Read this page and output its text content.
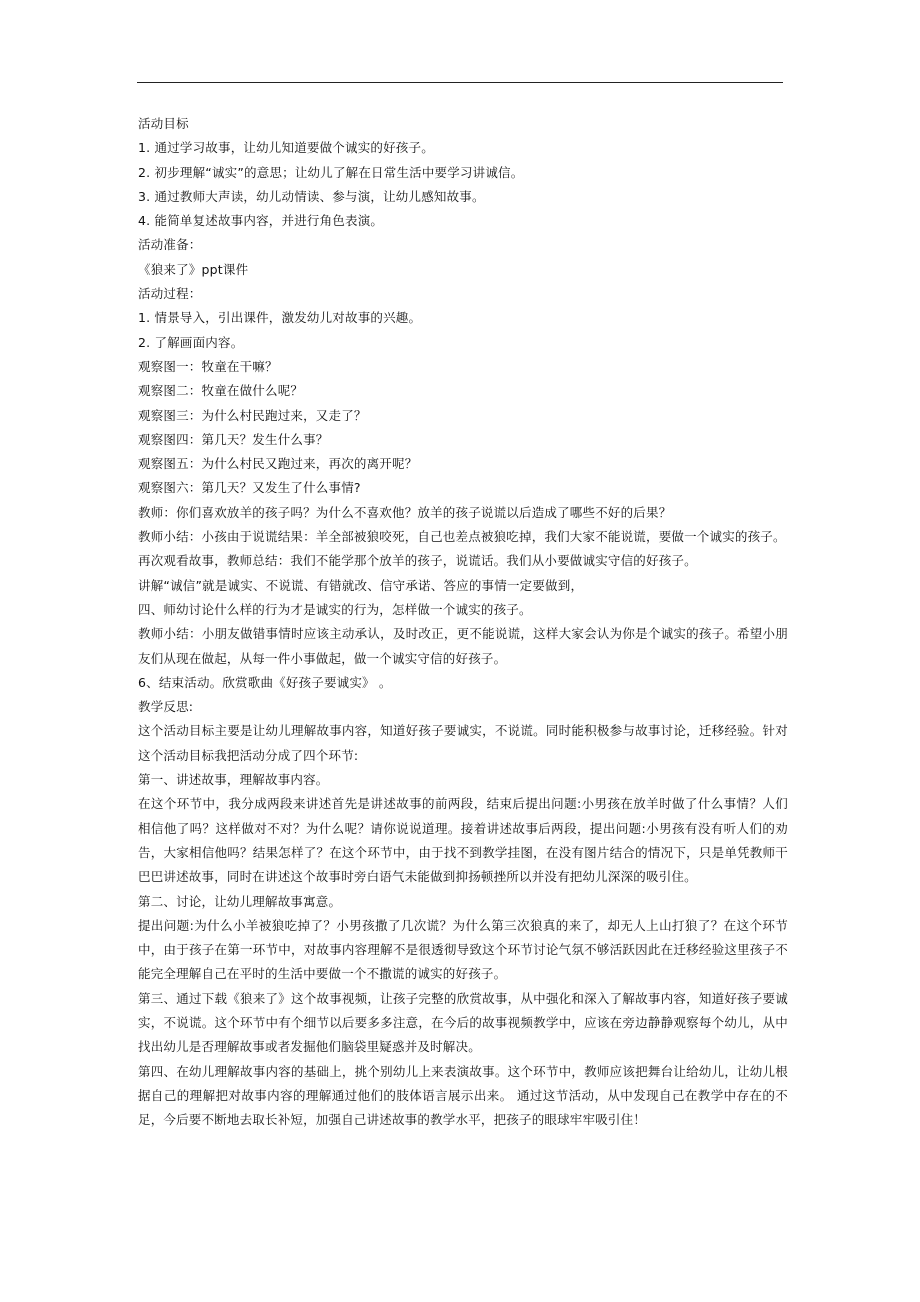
活动目标

1. 通过学习故事，让幼儿知道要做个诚实的好孩子。

2. 初步理解“诚实”的意思；让幼儿了解在日常生活中要学习讲诚信。

3. 通过教师大声读，幼儿动情读、参与演，让幼儿感知故事。

4. 能简单复述故事内容，并进行角色表演。

活动准备：

《狼来了》ppt课件

活动过程：

1. 情景导入，引出课件，激发幼儿对故事的兴趣。

2. 了解画面内容。

观察图一：牧童在干嘛？

观察图二：牧童在做什么呢？

观察图三：为什么村民跑过来，又走了？

观察图四：第几天？发生什么事？

观察图五：为什么村民又跑过来，再次的离开呢？

观察图六：第几天？又发生了什么事情?

教师：你们喜欢放羊的孩子吗？为什么不喜欢他？放羊的孩子说谎以后造成了哪些不好的后果？

教师小结：小孩由于说谎结果：羊全部被狼咬死，自己也差点被狼吃掉，我们大家不能说谎，要做一个诚实的孩子。

再次观看故事，教师总结：我们不能学那个放羊的孩子，说谎话。我们从小要做诚实守信的好孩子。

讲解“诚信”就是诚实、不说谎、有错就改、信守承诺、答应的事情一定要做到，

四、师幼讨论什么样的行为才是诚实的行为，怎样做一个诚实的孩子。

教师小结：小朋友做错事情时应该主动承认，及时改正，更不能说谎，这样大家会认为你是个诚实的孩子。希望小朋友们从现在做起，从每一件小事做起，做一个诚实守信的好孩子。

6、结束活动。欣赏歌曲《好孩子要诚实》 。

教学反思:

这个活动目标主要是让幼儿理解故事内容，知道好孩子要诚实，不说谎。同时能积极参与故事讨论，迁移经验。针对这个活动目标我把活动分成了四个环节:

第一、讲述故事，理解故事内容。

在这个环节中，我分成两段来讲述首先是讲述故事的前两段，结束后提出问题:小男孩在放羊时做了什么事情？人们相信他了吗？这样做对不对？为什么呢？请你说说道理。接着讲述故事后两段，提出问题:小男孩有没有听人们的劝告，大家相信他吗？结果怎样了？在这个环节中，由于找不到教学挂图，在没有图片结合的情况下，只是单凭教师干巴巴讲述故事，同时在讲述这个故事时旁白语气未能做到抑扬顿挫所以并没有把幼儿深深的吸引住。

第二、讨论，让幼儿理解故事寓意。

提出问题:为什么小羊被狼吃掉了？小男孩撒了几次谎？为什么第三次狼真的来了，却无人上山打狼了？在这个环节中，由于孩子在第一环节中，对故事内容理解不是很透彻导致这个环节讨论气氛不够活跃因此在迁移经验这里孩子不能完全理解自己在平时的生活中要做一个不撒谎的诚实的好孩子。

第三、通过下载《狼来了》这个故事视频，让孩子完整的欣赏故事，从中强化和深入了解故事内容，知道好孩子要诚实，不说谎。这个环节中有个细节以后要多多注意，在今后的故事视频教学中，应该在旁边静静观察每个幼儿，从中找出幼儿是否理解故事或者发掘他们脑袋里疑惑并及时解决。

第四、在幼儿理解故事内容的基础上，挑个别幼儿上来表演故事。这个环节中，教师应该把舞台让给幼儿，让幼儿根据自己的理解把对故事内容的理解通过他们的肢体语言展示出来。 通过这节活动，从中发现自己在教学中存在的不足，今后要不断地去取长补短，加强自己讲述故事的教学水平，把孩子的眼球牢牢吸引住！
